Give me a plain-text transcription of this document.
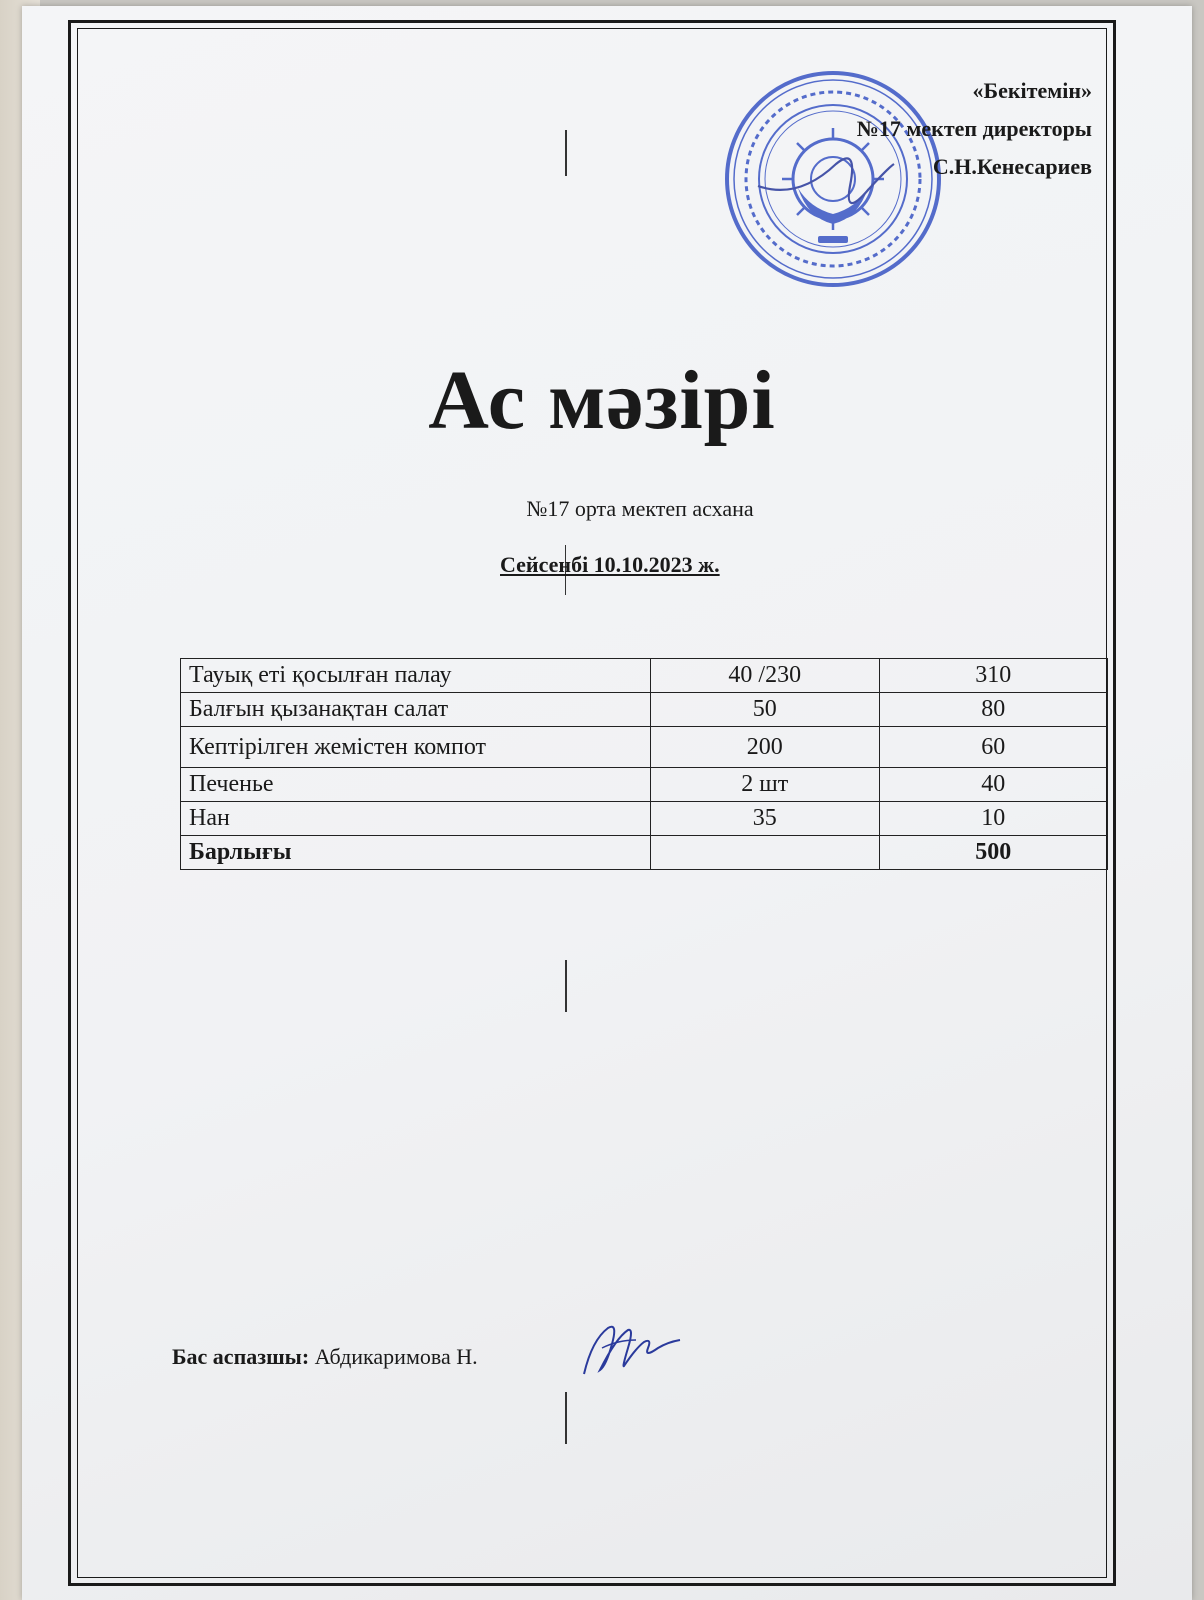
«Бекітемін»
№17 мектеп директоры
С.Н.Кенесариев
Ас мәзірі
№17 орта мектеп асхана
Сейсенбі 10.10.2023 ж.
Тауық еті қосылған палау	40 /230	310
Балғын қызанақтан салат	50	80
Кептірілген жемістен компот	200	60
Печенье	2 шт	40
Нан	35	10
Барлығы		500
Бас аспазшы: Абдикаримова Н.
